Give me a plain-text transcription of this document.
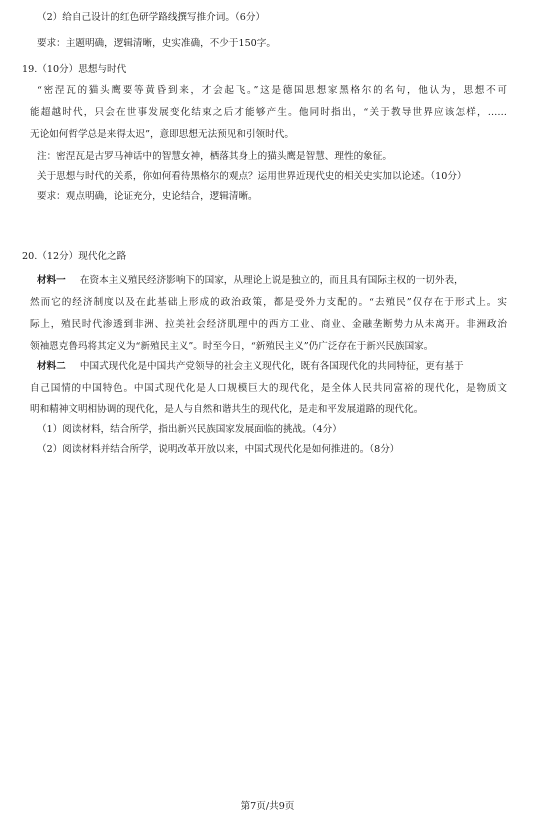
（2）给自己设计的红色研学路线撰写推介词。（6分）
要求：主题明确，逻辑清晰，史实准确，不少于150字。
19.（10分）思想与时代
“密涅瓦的猫头鹰要等黄昏到来，才会起飞。”这是德国思想家黑格尔的名句，他认为，思想不可
能超越时代，只会在世事发展变化结束之后才能够产生。他同时指出，“关于教导世界应该怎样，……
无论如何哲学总是来得太迟”，意即思想无法预见和引领时代。
注：密涅瓦是古罗马神话中的智慧女神，栖落其身上的猫头鹰是智慧、理性的象征。
关于思想与时代的关系，你如何看待黑格尔的观点？运用世界近现代史的相关史实加以论述。（10分）
要求：观点明确，论证充分，史论结合，逻辑清晰。
20.（12分）现代化之路
材料一 在资本主义殖民经济影响下的国家，从理论上说是独立的，而且具有国际主权的一切外表，
然而它的经济制度以及在此基础上形成的政治政策，都是受外力支配的。“去殖民”仅存在于形式上。实
际上，殖民时代渗透到非洲、拉美社会经济肌理中的西方工业、商业、金融垄断势力从未离开。非洲政治
领袖恩克鲁玛将其定义为“新殖民主义”。时至今日，“新殖民主义”仍广泛存在于新兴民族国家。
材料二 中国式现代化是中国共产党领导的社会主义现代化，既有各国现代化的共同特征，更有基于
自己国情的中国特色。中国式现代化是人口规模巨大的现代化，是全体人民共同富裕的现代化，是物质文
明和精神文明相协调的现代化，是人与自然和谐共生的现代化，是走和平发展道路的现代化。
（1）阅读材料，结合所学，指出新兴民族国家发展面临的挑战。（4分）
（2）阅读材料并结合所学，说明改革开放以来，中国式现代化是如何推进的。（8分）
第7页/共9页
